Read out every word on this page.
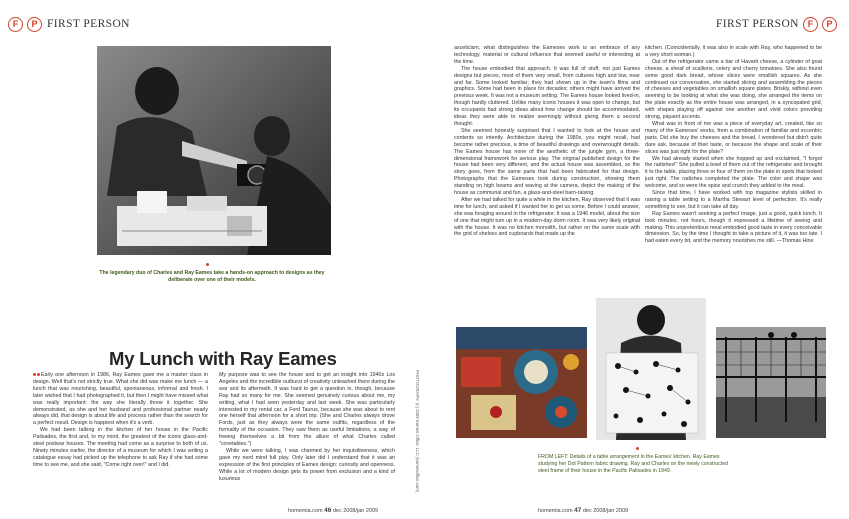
F	P FIRST PERSON
The legendary duo of Charles and Ray Eames take a hands-on approach to designs as they deliberate over one of their models.
My Lunch with Ray Eames

Early one afternoon in 1986, Ray Eames gave me a master class in design. Well that's not strictly true. What she did was make me lunch — a lunch that was nourishing, beautiful, spontaneous, informal and fresh. I later wished that I had photographed it, but then I might have missed what was really important: the way she literally threw it together. She demonstrated, as she and her husband and professional partner nearly always did, that design is about life and process rather than the search for a perfect result. Design is happiest when it's a verb.

We had been talking in the kitchen of her house in the Pacific Palisades, the first and, to my mind, the greatest of the iconic glass-and-steel postwar houses. The meeting had come as a surprise to both of us. Ninety minutes earlier, the director of a museum for which I was writing a catalogue essay had picked up the telephone to ask Ray if she had some time to see me, and she said, "Come right over!" and I did.

My purpose was to see the house and to get an insight into 1940s Los Angeles and the incredible outburst of creativity unleashed there during the war and its aftermath. It was hard to get a question in, though, because Ray had so many for me. She seemed genuinely curious about me, my writing, what I had seen yesterday and last week. She was particularly interested in my rental car, a Ford Taurus, because she was about to rent one herself that afternoon for a short trip. (She and Charles always drove Fords, just as they always wore the same outfits, regardless of the formality of the occasion. They saw them as useful limitations, a way of freeing themselves a bit from the allure of what Charles called "covetables.")

While we were talking, I was charmed by her inquisitiveness, which gave my nerd mind full play. Only later did I understand that it was an expression of the first principles of Eames design: curiosity and openness. While a lot of modern design gets its power from exclusion and a kind of luxurious	PHOTOGRAPH: (c) 2009 Eames Office, LLC (eamesoffice.com)
homemia.com 46 dec 2008/jan 2009
FIRST PERSON F	P

asceticism, what distinguishes the Eameses work is an embrace of any technology, material or cultural influence that seemed useful or interesting at the time.

The house embodied that approach. It was full of stuff, not just Eames designs but pieces, most of them very small, from cultures high and low, near and far. Some looked familiar; they had shown up in the team's films and graphics. Some had been in place for decades; others might have arrived the previous week. It was not a museum setting. The Eames house looked lived-in, though hardly cluttered. Unlike many iconic houses it was open to change, but its occupants had strong ideas about how change should be accommodated, ideas they were able to realize seemingly without giving them a second thought.

She seemed honestly surprised that I wanted to look at the house and contents so intently. Architecture during the 1980s, you might recall, had become rather precious, a time of beautiful drawings and overwrought details. The Eames house has none of the aesthetic of the jungle gym, a three-dimensional framework for serious play. The original published design for the house had been very different, and the actual house was assembled, so the story goes, from the same parts that had been fabricated for that design. Photographs that the Eameses took during construction, showing them standing on high beams and waving at the camera, depict the making of the house as communal and fun, a glass-and-steel barn-raising.

After we had talked for quite a while in the kitchen, Ray observed that it was time for lunch, and asked if I wanted her to get us some. Before I could answer, she was foraging around in the refrigerator. It was a 1946 model, about the size of one that might turn up in a modern-day dorm room. It was very likely original with the house. It was no kitchen monolith, but rather on the same scale with the grid of shelves and cupboards that made up the

kitchen. (Coincidentally, it was also in scale with Ray, who happened to be a very short woman.)

Out of the refrigerator came a bar of Havarti cheese, a cylinder of goat cheese, a sheaf of scallions, celery and cherry tomatoes. She also found some good dark bread, whose slices were smallish squares. As she continued our conversation, she started slicing and assembling the pieces of cheeses and vegetables on smallish square plates. Briskly, without even seeming to be looking at what she was doing, she arranged the items on the plate exactly as the entire house was arranged, in a syncopated grid, with shapes playing off against one another and vivid colors providing strong, piquant accents.

What was in front of me was a piece of everyday art, created, like so many of the Eameses' works, from a combination of familiar and eccentric parts. Did she buy the cheeses and the bread, I wondered but didn't quite dare ask, because of their taste, or because the shape and scale of their slices was just right for the plate?

We had already started when she hopped up and exclaimed, "I forgot the radishes!" She pulled a bowl of them out of the refrigerator and brought it to the table, placing three or four of them on the plate in spots that looked just right. The radishes completed the plate. The color and shape was welcome, and so were the spice and crunch they added to the meal.

Since that time, I have worked with top magazine stylists skilled in raising a table setting to a Martha Stewart level of perfection. It's really something to see, but it can take all day.

Ray Eames wasn't seeking a perfect image, just a good, quick lunch. It took minutes, not hours, though it expressed a lifetime of seeing and making. This unpretentious meal embodied good taste in every conceivable dimension. So, by the time I thought to take a picture of it, it was too late. I had eaten every bit, and the memory nourishes me still. —Thomas Hine

FROM LEFT: Details of a table arrangement in the Eames' kitchen. Ray Eames studying her Dot Pattern fabric drawing. Ray and Charles on the newly constructed steel frame of their house in the Pacific Palisades in 1949.
homemia.com 47 dec 2008/jan 2009
